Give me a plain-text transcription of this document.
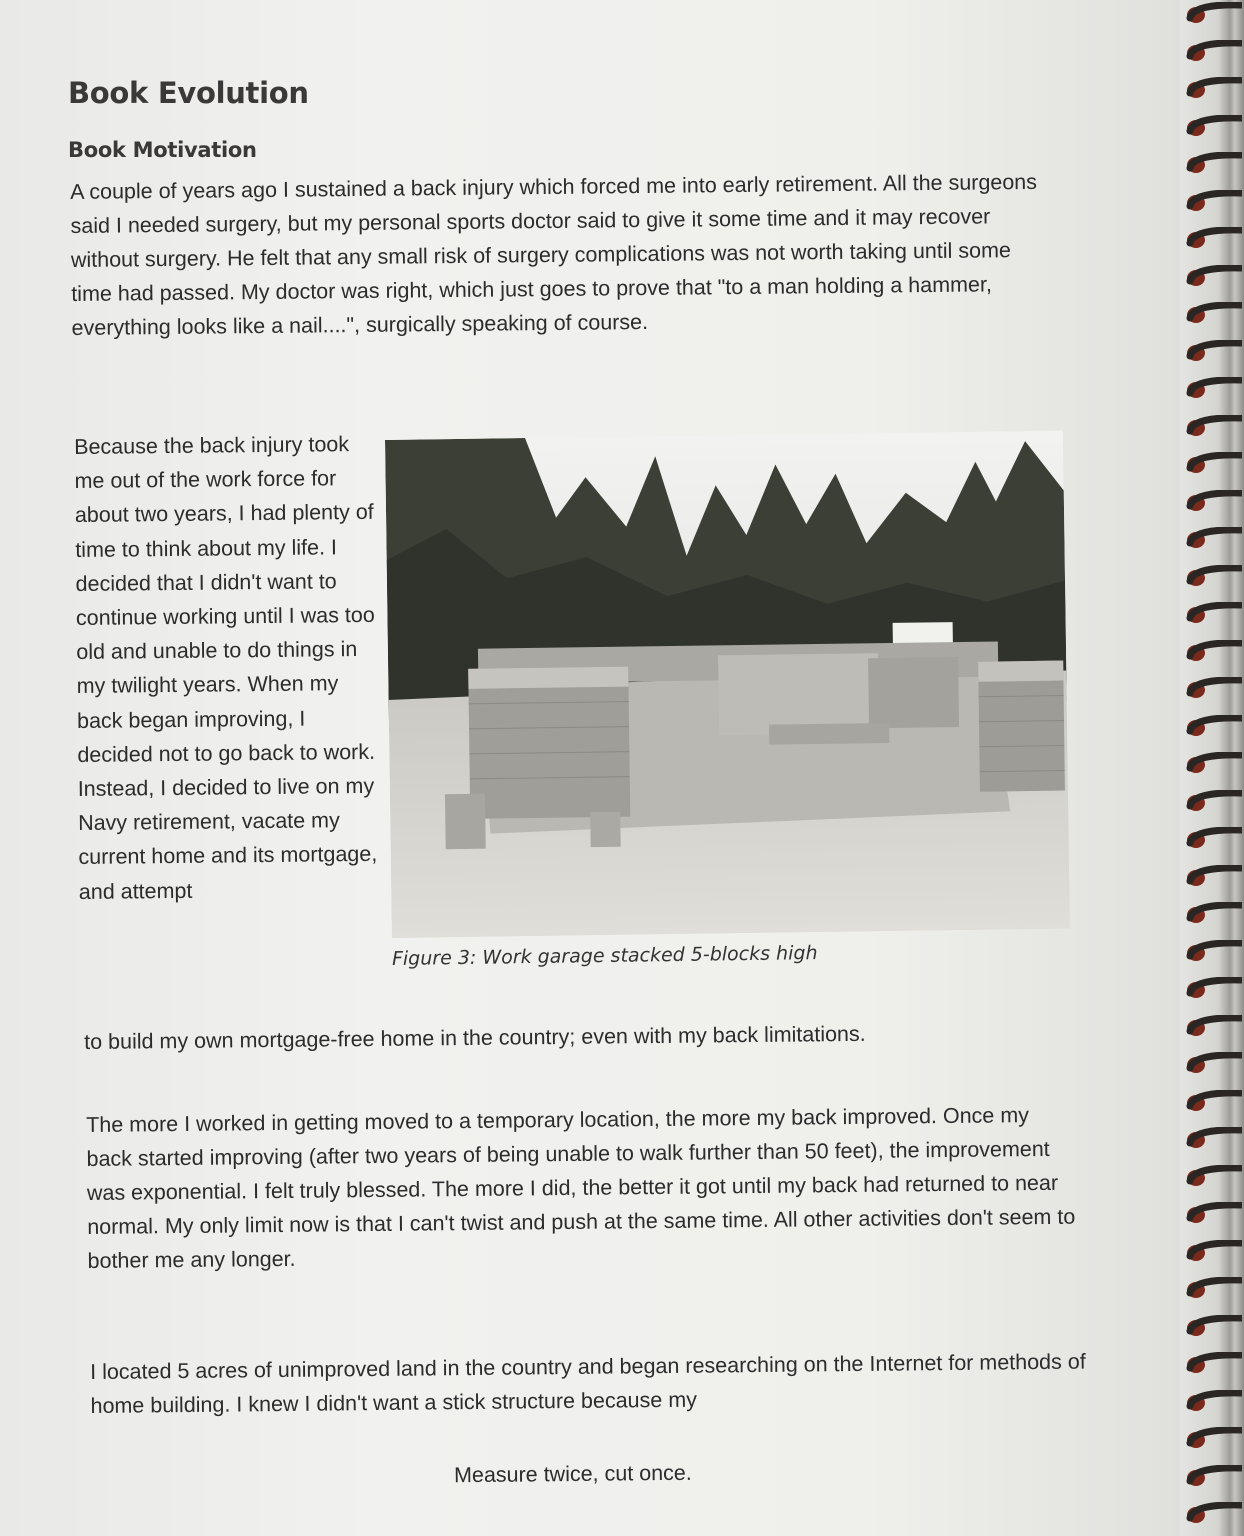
Book Evolution
Book Motivation

A couple of years ago I sustained a back injury which forced me into early retirement. All the surgeons said I needed surgery, but my personal sports doctor said to give it some time and it may recover without surgery. He felt that any small risk of surgery complications was not worth taking until some time had passed. My doctor was right, which just goes to prove that "to a man holding a hammer, everything looks like a nail....", surgically speaking of course.

Because the back injury took me out of the work force for about two years, I had plenty of time to think about my life. I decided that I didn't want to continue working until I was too old and unable to do things in my twilight years. When my back began improving, I decided not to go back to work. Instead, I decided to live on my Navy retirement, vacate my current home and its mortgage, and attempt

to build my own mortgage-free home in the country; even with my back limitations.

Figure 3: Work garage stacked 5-blocks high

The more I worked in getting moved to a temporary location, the more my back improved. Once my back started improving (after two years of being unable to walk further than 50 feet), the improvement was exponential. I felt truly blessed. The more I did, the better it got until my back had returned to near normal. My only limit now is that I can't twist and push at the same time. All other activities don't seem to bother me any longer.

I located 5 acres of unimproved land in the country and began researching on the Internet for methods of home building. I knew I didn't want a stick structure because my

Measure twice, cut once.
